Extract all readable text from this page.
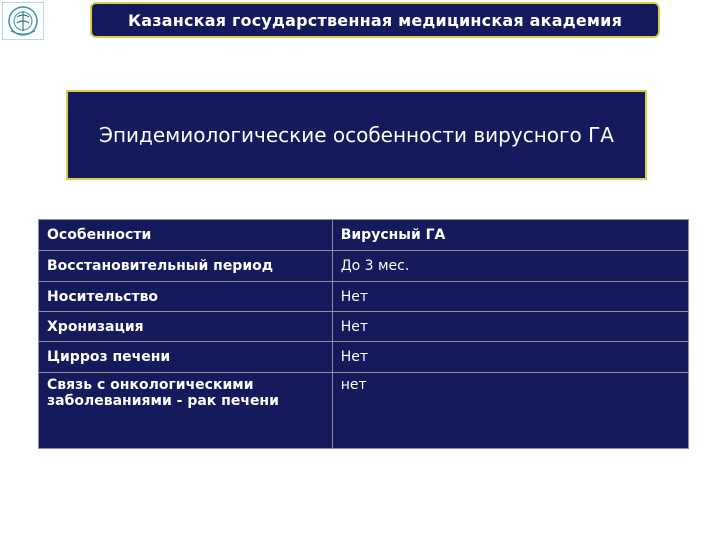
Казанская государственная медицинская академия
Эпидемиологические особенности вирусного ГА
Особенности	Вирусный ГА
Восстановительный период	До 3 мес.
Носительство	Нет
Хронизация	Нет
Цирроз печени	Нет
Связь с онкологическими заболеваниями - рак печени	нет
